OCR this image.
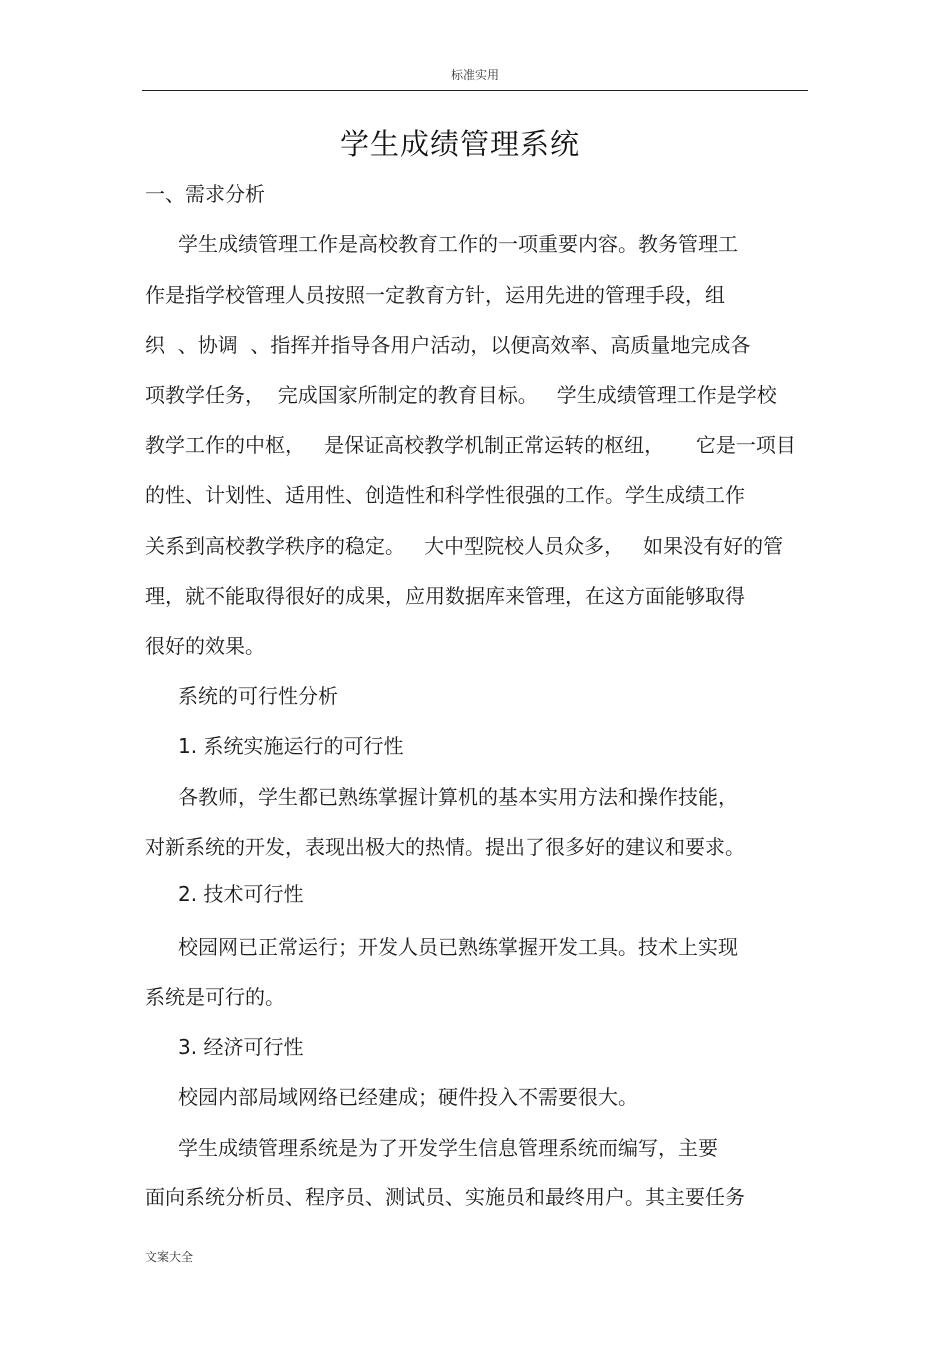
标准实用
学生成绩管理系统
一、需求分析
学生成绩管理工作是高校教育工作的一项重要内容。教务管理工
作是指学校管理人员按照一定教育方针，运用先进的管理手段，组
织  、协调  、指挥并指导各用户活动，以便高效率、高质量地完成各
项教学任务，  完成国家所制定的教育目标。   学生成绩管理工作是学校
教学工作的中枢，   是保证高校教学机制正常运转的枢纽，     它是一项目
的性、计划性、适用性、创造性和科学性很强的工作。学生成绩工作
关系到高校教学秩序的稳定。   大中型院校人员众多，   如果没有好的管
理，就不能取得很好的成果，应用数据库来管理，在这方面能够取得
很好的效果。
系统的可行性分析
1. 系统实施运行的可行性
各教师，学生都已熟练掌握计算机的基本实用方法和操作技能，
对新系统的开发，表现出极大的热情。提出了很多好的建议和要求。
2. 技术可行性
校园网已正常运行；开发人员已熟练掌握开发工具。技术上实现
系统是可行的。
3. 经济可行性
校园内部局域网络已经建成；硬件投入不需要很大。
学生成绩管理系统是为了开发学生信息管理系统而编写，主要
面向系统分析员、程序员、测试员、实施员和最终用户。其主要任务
文案大全
